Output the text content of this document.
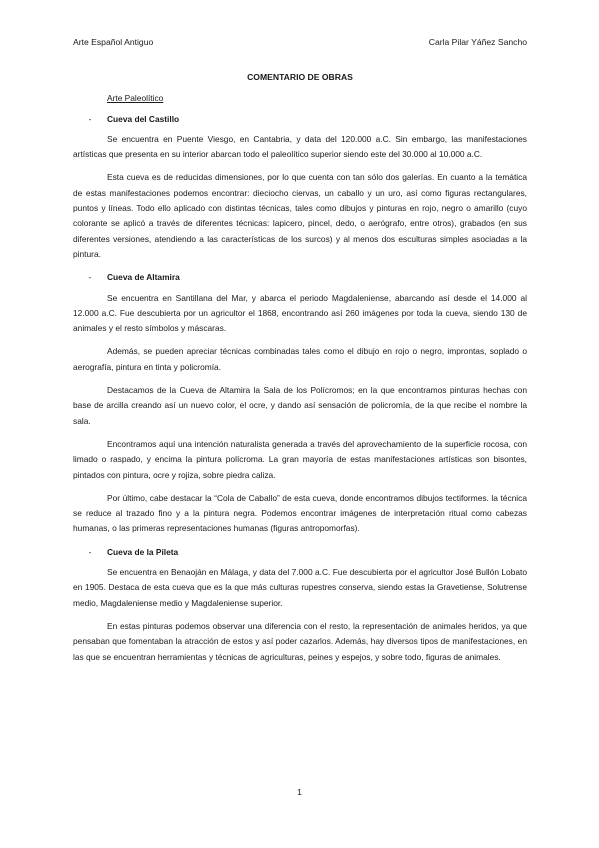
Arte Español Antiguo	Carla Pilar Yáñez Sancho
COMENTARIO DE OBRAS
Arte Paleolítico
-	Cueva del Castillo

Se encuentra en Puente Viesgo, en Cantabria, y data del 120.000 a.C. Sin embargo, las manifestaciones artísticas que presenta en su interior abarcan todo el paleolítico superior siendo este del 30.000 al 10.000 a.C.

Esta cueva es de reducidas dimensiones, por lo que cuenta con tan sólo dos galerías. En cuanto a la temática de estas manifestaciones podemos encontrar: dieciocho ciervas, un caballo y un uro, así como figuras rectangulares, puntos y líneas. Todo ello aplicado con distintas técnicas, tales como dibujos y pinturas en rojo, negro o amarillo (cuyo colorante se aplicó a través de diferentes técnicas: lapicero, pincel, dedo, o aerógrafo, entre otros), grabados (en sus diferentes versiones, atendiendo a las características de los surcos) y al menos dos esculturas simples asociadas a la pintura.

-	Cueva de Altamira

Se encuentra en Santillana del Mar, y abarca el periodo Magdaleniense, abarcando así desde el 14.000 al 12.000 a.C. Fue descubierta por un agricultor el 1868, encontrando así 260 imágenes por toda la cueva, siendo 130 de animales y el resto símbolos y máscaras.

Además, se pueden apreciar técnicas combinadas tales como el dibujo en rojo o negro, improntas, soplado o aerografía, pintura en tinta y policromía.

Destacamos de la Cueva de Altamira la Sala de los Polícromos; en la que encontramos pinturas hechas con base de arcilla creando así un nuevo color, el ocre, y dando así sensación de policromía, de la que recibe el nombre la sala.

Encontramos aquí una intención naturalista generada a través del aprovechamiento de la superficie rocosa, con limado o raspado, y encima la pintura polícroma. La gran mayoría de estas manifestaciones artísticas son bisontes, pintados con pintura, ocre y rojiza, sobre piedra caliza.

Por último, cabe destacar la “Cola de Caballo” de esta cueva, donde encontramos dibujos tectiformes. la técnica se reduce al trazado fino y a la pintura negra. Podemos encontrar imágenes de interpretación ritual como cabezas humanas, o las primeras representaciones humanas (figuras antropomorfas).

-	Cueva de la Pileta

Se encuentra en Benaoján en Málaga, y data del 7.000 a.C. Fue descubierta por el agricultor José Bullón Lobato en 1905. Destaca de esta cueva que es la que más culturas rupestres conserva, siendo estas la Gravetiense, Solutrense medio, Magdaleniense medio y Magdaleniense superior.

En estas pinturas podemos observar una diferencia con el resto, la representación de animales heridos, ya que pensaban que fomentaban la atracción de estos y así poder cazarlos. Además, hay diversos tipos de manifestaciones, en las que se encuentran herramientas y técnicas de agriculturas, peines y espejos, y sobre todo, figuras de animales.

1
